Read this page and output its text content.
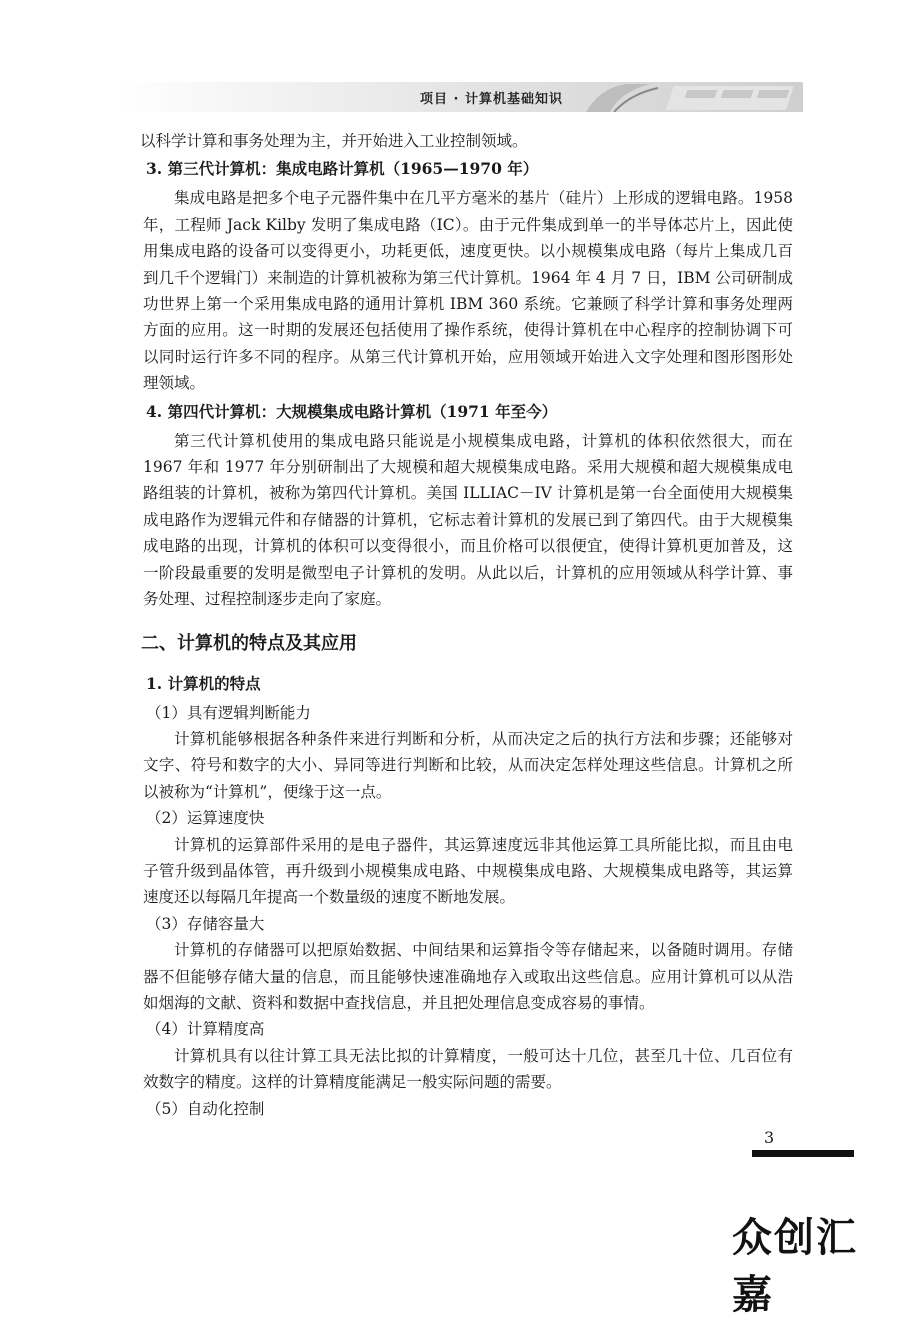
项目 · 计算机基础知识

以科学计算和事务处理为主，并开始进入工业控制领域。

3. 第三代计算机：集成电路计算机（1965—1970 年）

集成电路是把多个电子元器件集中在几平方毫米的基片（硅片）上形成的逻辑电路。1958 年，工程师 Jack Kilby 发明了集成电路（IC）。由于元件集成到单一的半导体芯片上，因此使用集成电路的设备可以变得更小，功耗更低，速度更快。以小规模集成电路（每片上集成几百到几千个逻辑门）来制造的计算机被称为第三代计算机。1964 年 4 月 7 日，IBM 公司研制成功世界上第一个采用集成电路的通用计算机 IBM 360 系统。它兼顾了科学计算和事务处理两方面的应用。这一时期的发展还包括使用了操作系统，使得计算机在中心程序的控制协调下可以同时运行许多不同的程序。从第三代计算机开始，应用领域开始进入文字处理和图形图形处理领域。

4. 第四代计算机：大规模集成电路计算机（1971 年至今）

第三代计算机使用的集成电路只能说是小规模集成电路，计算机的体积依然很大，而在 1967 年和 1977 年分别研制出了大规模和超大规模集成电路。采用大规模和超大规模集成电路组装的计算机，被称为第四代计算机。美国 ILLIAC－IV 计算机是第一台全面使用大规模集成电路作为逻辑元件和存储器的计算机，它标志着计算机的发展已到了第四代。由于大规模集成电路的出现，计算机的体积可以变得很小，而且价格可以很便宜，使得计算机更加普及，这一阶段最重要的发明是微型电子计算机的发明。从此以后，计算机的应用领域从科学计算、事务处理、过程控制逐步走向了家庭。

二、计算机的特点及其应用
1. 计算机的特点

（1）具有逻辑判断能力

计算机能够根据各种条件来进行判断和分析，从而决定之后的执行方法和步骤；还能够对文字、符号和数字的大小、异同等进行判断和比较，从而决定怎样处理这些信息。计算机之所以被称为“计算机”，便缘于这一点。

（2）运算速度快

计算机的运算部件采用的是电子器件，其运算速度远非其他运算工具所能比拟，而且由电子管升级到晶体管，再升级到小规模集成电路、中规模集成电路、大规模集成电路等，其运算速度还以每隔几年提高一个数量级的速度不断地发展。

（3）存储容量大

计算机的存储器可以把原始数据、中间结果和运算指令等存储起来，以备随时调用。存储器不但能够存储大量的信息，而且能够快速准确地存入或取出这些信息。应用计算机可以从浩如烟海的文献、资料和数据中查找信息，并且把处理信息变成容易的事情。

（4）计算精度高

计算机具有以往计算工具无法比拟的计算精度，一般可达十几位，甚至几十位、几百位有效数字的精度。这样的计算精度能满足一般实际问题的需要。

（5）自动化控制

3
众创汇嘉
